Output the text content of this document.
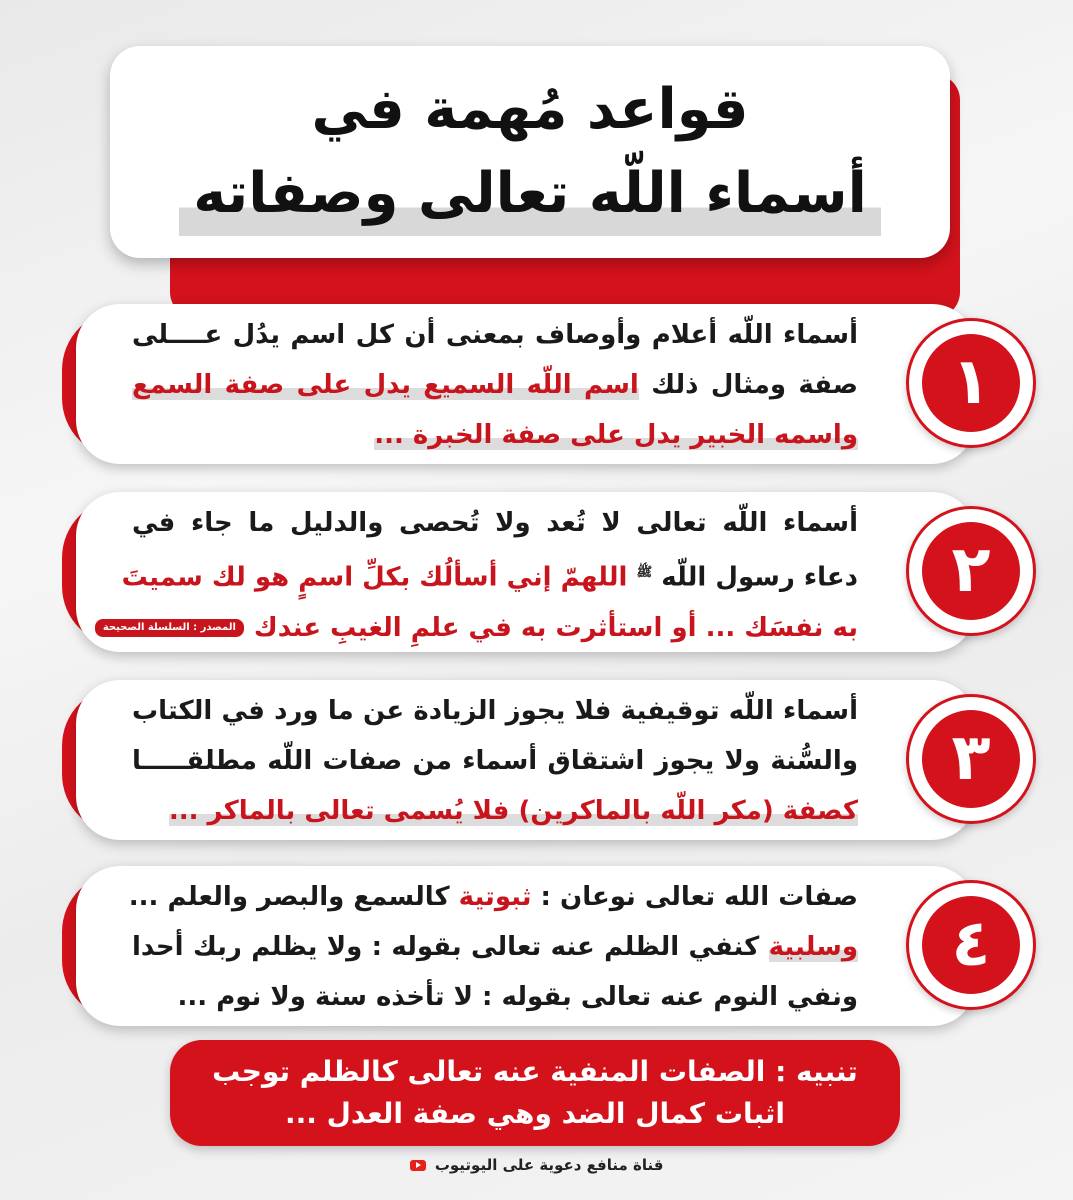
قواعد مُهمة في
أسماء اللّه تعالى وصفاته
أسماء اللّه أعلام وأوصاف بمعنى أن كل اسم يدُل عــــلى
صفة ومثال ذلك اسم اللّه السميع يدل على صفة السمع
واسمه الخبير يدل على صفة الخبرة ...
١
أسماء اللّه تعالى لا تُعد ولا تُحصى والدليل ما جاء في
دعاء رسول اللّه $^ﷺ$ اللهمّ إني أسألُك بكلِّ اسمٍ هو لك سميتَ
به نفسَك ... أو استأثرت به في علمِ الغيبِ عندكالمصدر : السلسلة الصحيحة
٢
أسماء اللّه توقيفية فلا يجوز الزيادة عن ما ورد في الكتاب
والسُّنة ولا يجوز اشتقاق أسماء من صفات اللّه مطلقـــــا
كصفة (مكر اللّه بالماكرين) فلا يُسمى تعالى بالماكر ...
٣
صفات الله تعالى نوعان : ثبوتية كالسمع والبصر والعلم ...
وسلبية كنفي الظلم عنه تعالى بقوله : ولا يظلم ربك أحدا
ونفي النوم عنه تعالى بقوله : لا تأخذه سنة ولا نوم ...
٤
تنبيه : الصفات المنفية عنه تعالى كالظلم توجب
اثبات كمال الضد وهي صفة العدل ...
قناة منافع دعوية على اليوتيوب
